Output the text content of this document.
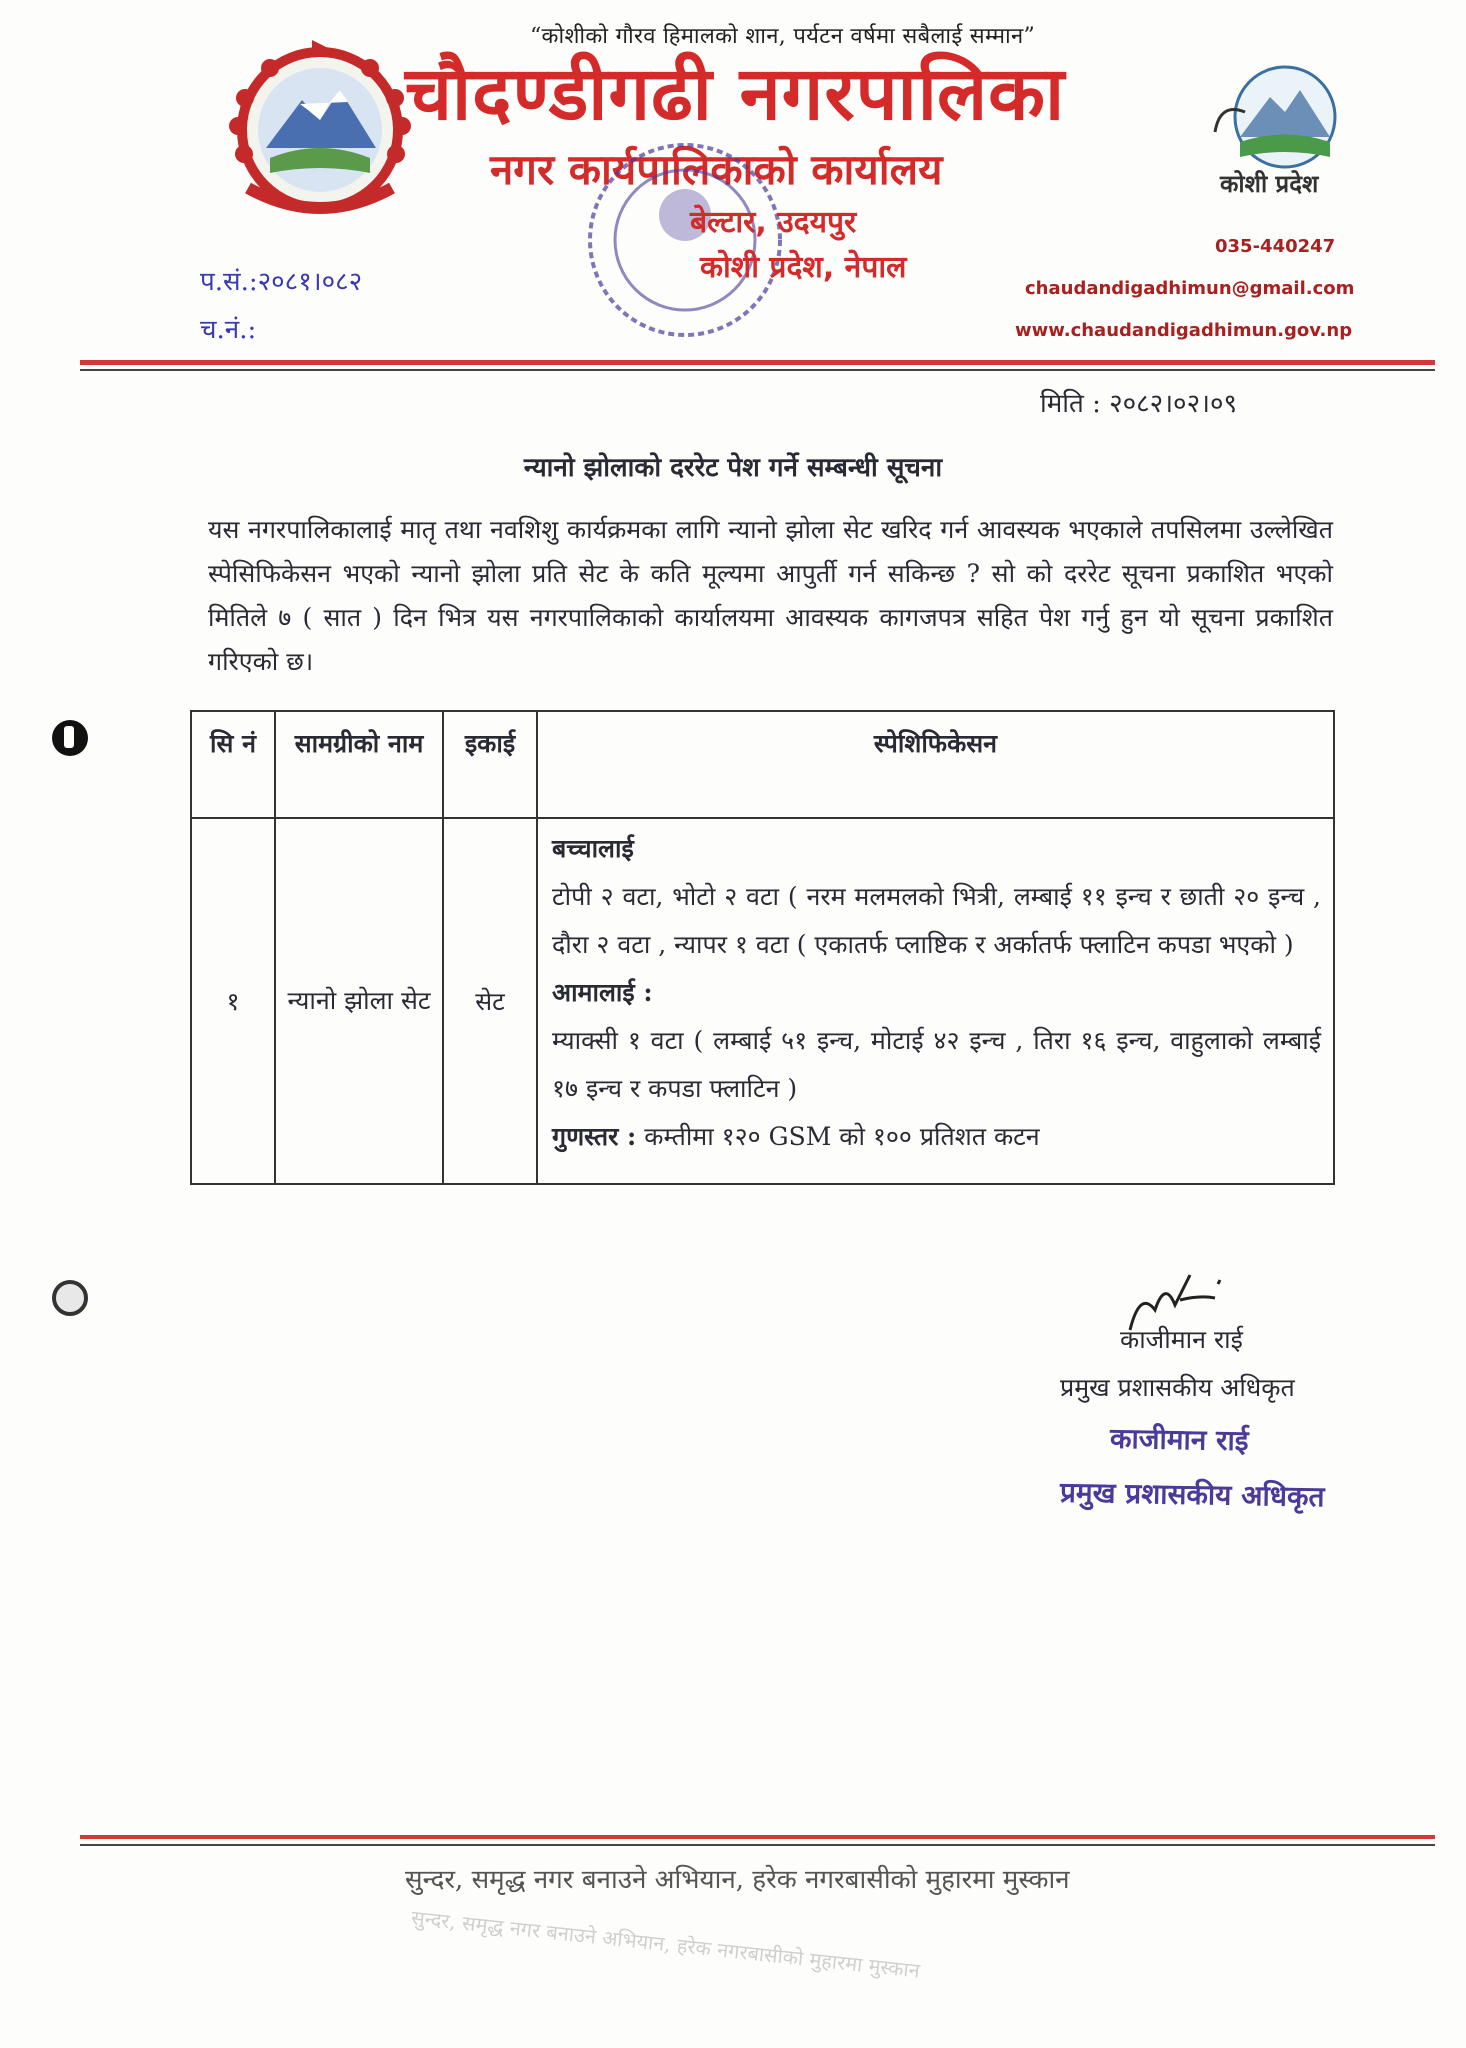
“कोशीको गौरव हिमालको शान, पर्यटन वर्षमा सबैलाई सम्मान”
चौदण्डीगढी नगरपालिका
नगर कार्यपालिकाको कार्यालय
बेल्टार, उदयपुर
कोशी प्रदेश, नेपाल
कोशी प्रदेश
035-440247
chaudandigadhimun@gmail.com
www.chaudandigadhimun.gov.np
प.सं.:२०८१।०८२
च.नं.:
मिति : २०८२।०२।०९
न्यानो झोलाको दररेट पेश गर्ने सम्बन्धी सूचना
यस नगरपालिकालाई मातृ तथा नवशिशु कार्यक्रमका लागि न्यानो झोला सेट खरिद गर्न आवस्यक भएकाले तपसिलमा उल्लेखित स्पेसिफिकेसन भएको न्यानो झोला प्रति सेट के कति मूल्यमा आपुर्ती गर्न सकिन्छ ? सो को दररेट सूचना प्रकाशित भएको मितिले ७ ( सात ) दिन भित्र यस नगरपालिकाको कार्यालयमा आवस्यक कागजपत्र सहित पेश गर्नु हुन यो सूचना प्रकाशित गरिएको छ।
सि नं	सामग्रीको नाम	इकाई	स्पेशिफिकेसन
१	न्यानो झोला सेट	सेट	बच्चालाई
टोपी २ वटा, भोटो २ वटा ( नरम मलमलको भित्री, लम्बाई ११ इन्च र छाती २० इन्च , दौरा २ वटा , न्यापर १ वटा ( एकातर्फ प्लाष्टिक र अर्कातर्फ फ्लाटिन कपडा भएको )
आमालाई :
म्याक्सी १ वटा ( लम्बाई ५१ इन्च, मोटाई ४२ इन्च , तिरा १६ इन्च, वाहुलाको लम्बाई १७ इन्च र कपडा फ्लाटिन )
गुणस्तर : कम्तीमा १२० GSM को १०० प्रतिशत कटन
काजीमान राई
प्रमुख प्रशासकीय अधिकृत
काजीमान राई
प्रमुख प्रशासकीय अधिकृत
सुन्दर, समृद्ध नगर बनाउने अभियान, हरेक नगरबासीको मुहारमा मुस्कान
सुन्दर, समृद्ध नगर बनाउने अभियान, हरेक नगरबासीको मुहारमा मुस्कान
